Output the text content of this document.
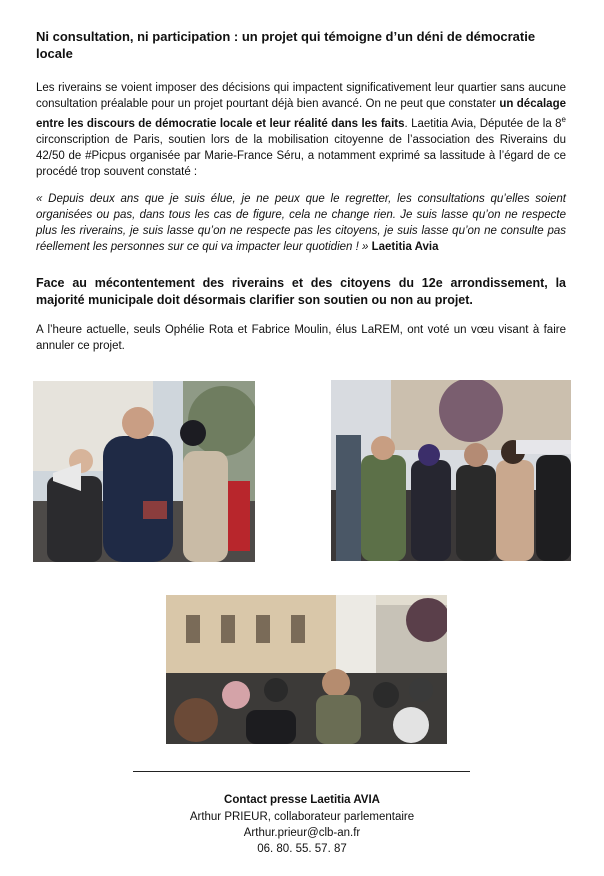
Ni consultation, ni participation : un projet qui témoigne d’un déni de démocratie locale
Les riverains se voient imposer des décisions qui impactent significativement leur quartier sans aucune consultation préalable pour un projet pourtant déjà bien avancé. On ne peut que constater un décalage entre les discours de démocratie locale et leur réalité dans les faits. Laetitia Avia, Députée de la 8e circonscription de Paris, soutien lors de la mobilisation citoyenne de l’association des Riverains du 42/50 de #Picpus organisée par Marie-France Séru, a notamment exprimé sa lassitude à l’égard de ce procédé trop souvent constaté :
« Depuis deux ans que je suis élue, je ne peux que le regretter, les consultations qu’elles soient organisées ou pas, dans tous les cas de figure, cela ne change rien. Je suis lasse qu’on ne respecte plus les riverains, je suis lasse qu’on ne respecte pas les citoyens, je suis lasse qu’on ne consulte pas réellement les personnes sur ce qui va impacter leur quotidien ! » Laetitia Avia
Face au mécontentement des riverains et des citoyens du 12e arrondissement, la majorité municipale doit désormais clarifier son soutien ou non au projet.
A l’heure actuelle, seuls Ophélie Rota et Fabrice Moulin, élus LaREM, ont voté un vœu visant à faire annuler ce projet.
Contact presse Laetitia AVIA
Arthur PRIEUR, collaborateur parlementaire
Arthur.prieur@clb-an.fr
06. 80. 55. 57. 87
